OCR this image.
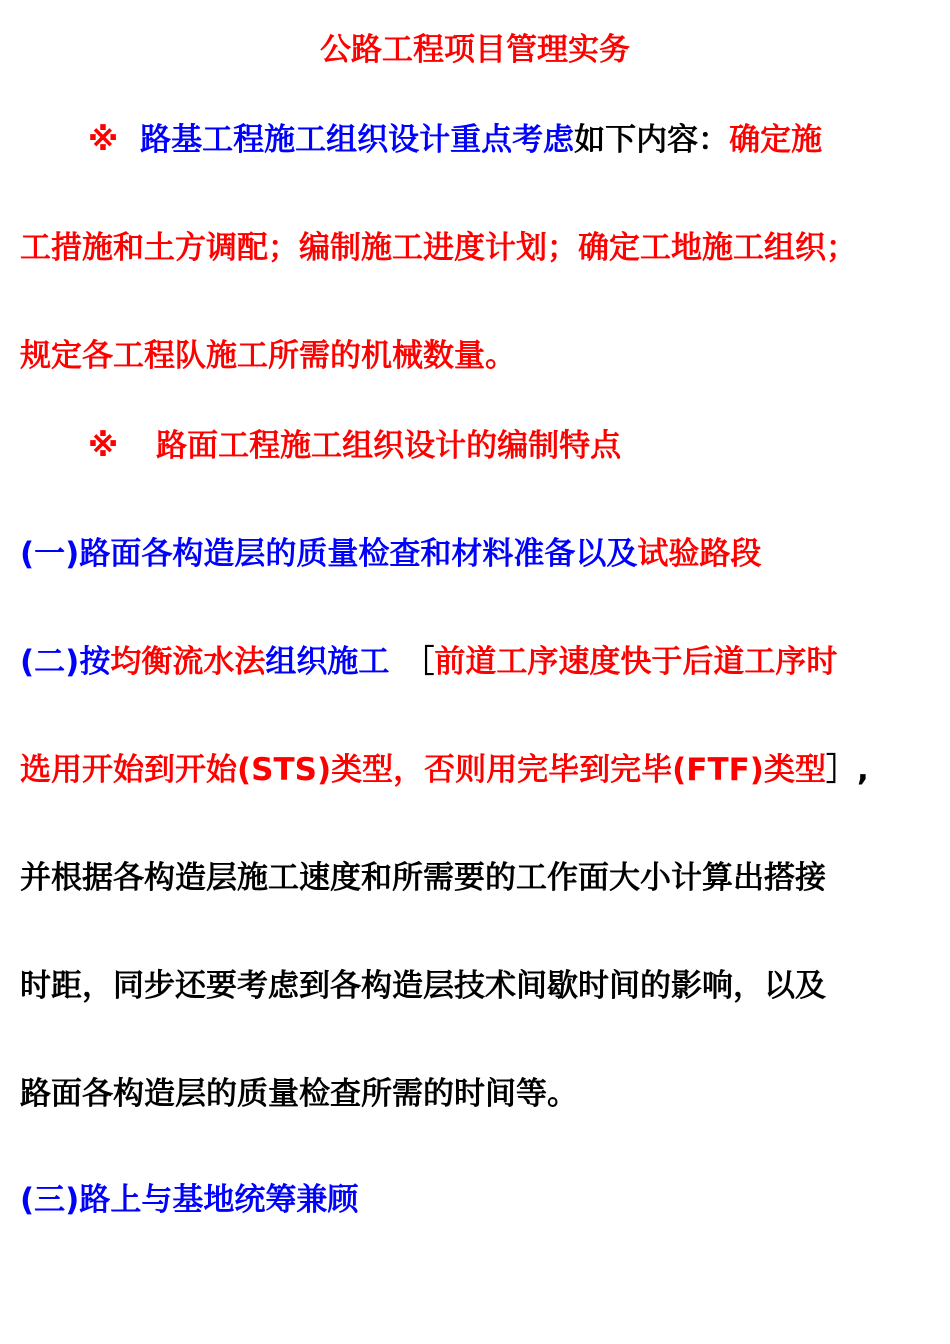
公路工程项目管理实务
※ 路基工程施工组织设计重点考虑如下内容：确定施
工措施和土方调配；编制施工进度计划；确定工地施工组织；
规定各工程队施工所需的机械数量。
※ 路面工程施工组织设计的编制特点
(一)路面各构造层的质量检查和材料准备以及试验路段
(二)按均衡流水法组织施工 ［前道工序速度快于后道工序时
选用开始到开始(STS)类型，否则用完毕到完毕(FTF)类型］,
并根据各构造层施工速度和所需要的工作面大小计算出搭接
时距，同步还要考虑到各构造层技术间歇时间的影响，以及
路面各构造层的质量检查所需的时间等。
(三)路上与基地统筹兼顾
